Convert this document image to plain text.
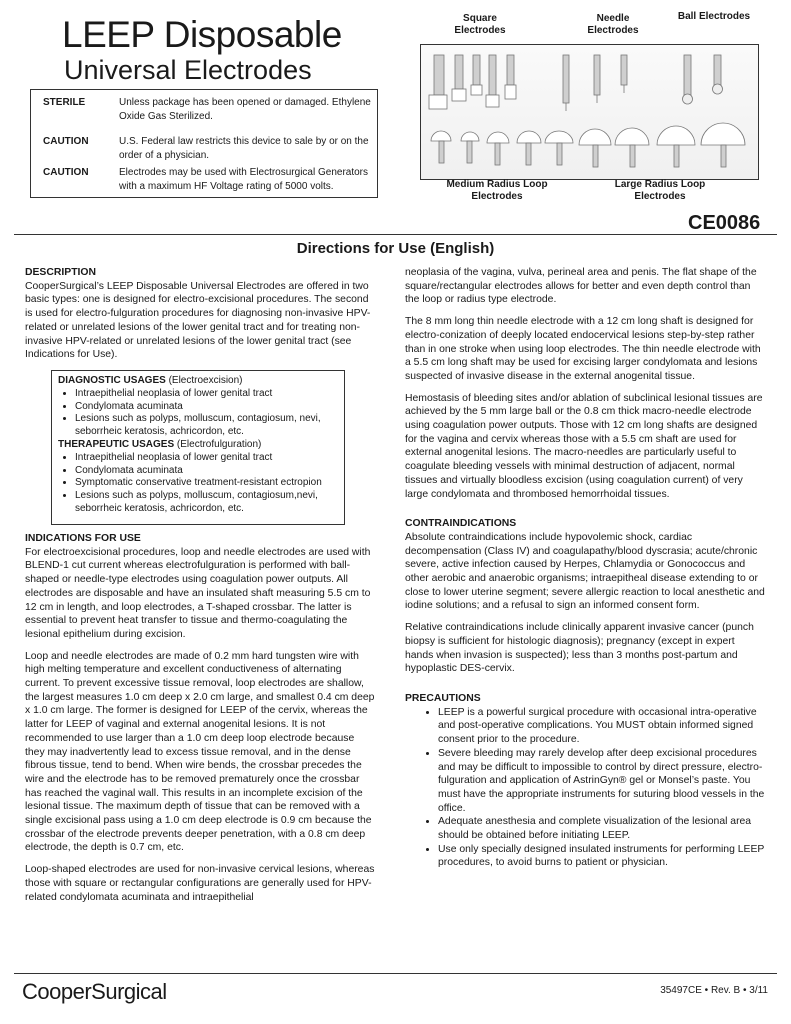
LEEP Disposable
Universal Electrodes
STERILE	Unless package has been opened or damaged. Ethylene Oxide Gas Sterilized.
CAUTION	U.S. Federal law restricts this device to sale by or on the order of a physician.
CAUTION	Electrodes may be used with Electrosurgical Generators with a maximum HF Voltage rating of 5000 volts.
Square Electrodes
Needle Electrodes
Ball Electrodes
Medium Radius Loop Electrodes
Large Radius Loop Electrodes
CE0086
Directions for Use (English)
DESCRIPTION

CooperSurgical’s LEEP Disposable Universal Electrodes are offered in two basic types: one is designed for electro-excisional procedures. The second is used for electro-fulguration procedures for diagnosing non-invasive HPV-related or unrelated lesions of the lower genital tract and for treating non-invasive HPV-related or unrelated lesions of the lower genital tract (see Indications for Use).

DIAGNOSTIC USAGES (Electroexcision)
• Intraepithelial neoplasia of lower genital tract
• Condylomata acuminata
• Lesions such as polyps, molluscum, contagiosum, nevi, seborrheic keratosis, achricordon, etc.
THERAPEUTIC USAGES (Electrofulguration)
• Intraepithelial neoplasia of lower genital tract
• Condylomata acuminata
• Symptomatic conservative treatment-resistant ectropion
• Lesions such as polyps, molluscum, contagiosum,nevi, seborrheic keratosis, achricordon, etc.
INDICATIONS FOR USE

For electroexcisional procedures, loop and needle electrodes are used with BLEND-1 cut current whereas electrofulguration is performed with ball-shaped or needle-type electrodes using coagulation power outputs. All electrodes are disposable and have an insulated shaft measuring 5.5 cm to 12 cm in length, and loop electrodes, a T-shaped crossbar. The latter is essential to prevent heat transfer to tissue and thermo-coagulating the lesional epithelium during excision.

Loop and needle electrodes are made of 0.2 mm hard tungsten wire with high melting temperature and excellent conductiveness of alternating current. To prevent excessive tissue removal, loop electrodes are shallow, the largest measures 1.0 cm deep x 2.0 cm large, and smallest 0.4 cm deep x 1.0 cm large. The former is designed for LEEP of the cervix, whereas the latter for LEEP of vaginal and external anogenital lesions. It is not recommended to use larger than a 1.0 cm deep loop electrode because they may inadvertently lead to excess tissue removal, and in the dense fibrous tissue, tend to bend. When wire bends, the crossbar precedes the wire and the electrode has to be removed prematurely once the crossbar has reached the vaginal wall. This results in an incomplete excision of the lesional tissue. The maximum depth of tissue that can be removed with a single excisional pass using a 1.0 cm deep electrode is 0.9 cm because the crossbar of the electrode prevents deeper penetration, with a 0.8 cm deep electrode, the depth is 0.7 cm, etc.

Loop-shaped electrodes are used for non-invasive cervical lesions, whereas those with square or rectangular configurations are generally used for HPV-related condylomata acuminata and intraepithelial

neoplasia of the vagina, vulva, perineal area and penis. The flat shape of the square/rectangular electrodes allows for better and even depth control than the loop or radius type electrode.

The 8 mm long thin needle electrode with a 12 cm long shaft is designed for electro-conization of deeply located endocervical lesions step-by-step rather than in one stroke when using loop electrodes. The thin needle electrode with a 5.5 cm long shaft may be used for excising larger condylomata and lesions suspected of invasive disease in the external anogenital tissue.

Hemostasis of bleeding sites and/or ablation of subclinical lesional tissues are achieved by the 5 mm large ball or the 0.8 cm thick macro-needle electrode using coagulation power outputs. Those with 12 cm long shafts are designed for the vagina and cervix whereas those with a 5.5 cm shaft are used for external anogenital lesions. The macro-needles are particularly useful to coagulate bleeding vessels with minimal destruction of adjacent, normal tissues and virtually bloodless excision (using coagulation current) of very large condylomata and thrombosed hemorrhoidal tissues.

CONTRAINDICATIONS

Absolute contraindications include hypovolemic shock, cardiac decompensation (Class IV) and coagulapathy/blood dyscrasia; acute/chronic severe, active infection caused by Herpes, Chlamydia or Gonococcus and other aerobic and anaerobic organisms; intraepitheal disease extending to or close to lower uterine segment; severe allergic reaction to local anesthetic and iodine solutions; and a refusal to sign an informed consent form.

Relative contraindications include clinically apparent invasive cancer (punch biopsy is sufficient for histologic diagnosis); pregnancy (except in expert hands when invasion is suspected); less than 3 months post-partum and hypoplastic DES-cervix.

PRECAUTIONS
• LEEP is a powerful surgical procedure with occasional intra-operative and post-operative complications. You MUST obtain informed signed consent prior to the procedure.
• Severe bleeding may rarely develop after deep excisional procedures and may be difficult to impossible to control by direct pressure, electro-fulguration and application of AstrinGyn® gel or Monsel’s paste. You must have the appropriate instruments for suturing blood vessels in the office.
• Adequate anesthesia and complete visualization of the lesional area should be obtained before initiating LEEP.
• Use only specially designed insulated instruments for performing LEEP procedures, to avoid burns to patient or physician.
CooperSurgical	35497CE • Rev. B • 3/11
